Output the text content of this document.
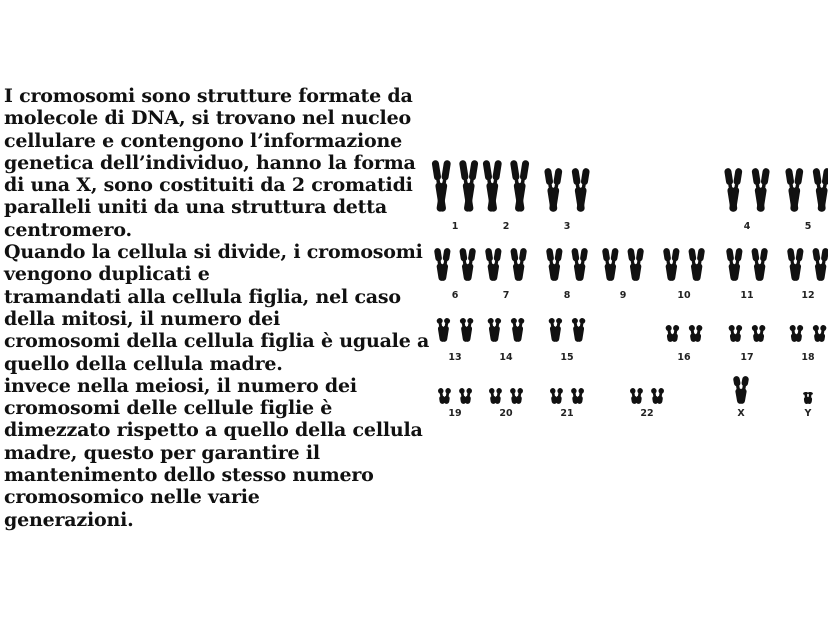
I cromosomi sono strutture formate da
molecole di DNA, si trovano nel nucleo
cellulare e contengono l’informazione
genetica dell’individuo, hanno la forma
di una X, sono costituiti da 2 cromatidi
paralleli uniti da una struttura detta
centromero.
Quando la cellula si divide, i cromosomi
vengono duplicati e
tramandati alla cellula figlia, nel caso
della mitosi, il numero dei
cromosomi della cellula figlia è uguale a
quello della cellula madre.
invece nella meiosi, il numero dei
cromosomi delle cellule figlie è
dimezzato rispetto a quello della cellula
madre, questo per garantire il
mantenimento dello stesso numero
cromosomico nelle varie
generazioni.
1	2	3	4	5
6	7	8	9	10	11	12
13	14	15	16	17	18
19	20	21	22	X	Y
